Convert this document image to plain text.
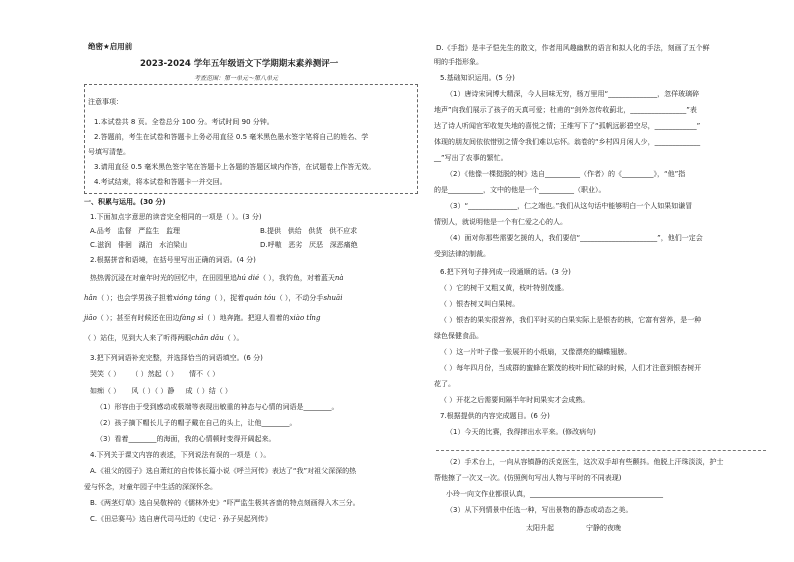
绝密★启用前
2023-2024 学年五年级语文下学期期末素养测评一
考查范围：第一单元～第八单元
注意事项：
1.本试卷共 8 页。全卷总分 100 分。考试时间 90 分钟。
2.答题前，考生在试卷和答题卡上务必用直径 0.5 毫米黑色墨水签字笔将自己的姓名、学
号填写清楚。
3.请用直径 0.5 毫米黑色签字笔在答题卡上各题的答题区域内作答，在试题卷上作答无效。
4.考试结束，将本试卷和答题卡一并交回。
一、积累与运用。(30 分)
1.下面加点字意思的读音完全相同的一项是（ ）。(3 分)
A.品考 监督 严监生 监理	B.提供 供给 供货 供不应求
C.滋润 俳徊 湖泊 水泊梁山	D.呼嗷 恶劣 厌恶 深恶痛绝
2.根据拼音和语境，在括号里写出正确的词语。(4 分)
热热需沉浸在对童年时光的回忆中，在田园里追hú dié（ ），我钓鱼，对着蓝天nà
hǎn（ ）；也会学男孩子担着xióng táng（ ），捉着quán tóu（ ），不动分手shuāi
jiāo（ ）；甚至有时候还在田边fàng sì（ ）地奔跑。把迎人看着的xiào tǐng
（ ）站住，见到大人来了听得两眼chǎn dǎu（ ）。
3.把下列词语补充完整，并选择恰当的词语填空。(6 分)
哭笑（ ） （ ）然起（ ） 情不（ ）
如痴（ ） 风（ ）（ ）静 成（ ）结（ ）
（1）形容由于受到感动或极端等表现出敏重的神态与心情的词语是________。
（2）孩子摘下帽长儿子的帽子戴在自己的头上，让他________。
（3）看着________的海面，我的心情顿时变得开阔起来。
4.下列关于课文内容的表述，下列说法有误的一项是（ ）。
A.《祖父的园子》选自萧红的自传体长篇小说《呼兰河传》表达了“我”对祖父深深的热
爱与怀念，对童年园子中生活的深深怀念。
B.《两茎灯草》选自吴敬梓的《儒林外史》“吓严监生极其吝啬的特点刻画得入木三分。
C.《田忌赛马》选自唐代司马迁的《史记 · 孙子吴起列传》
D.《手指》是丰子恺先生的散文，作者用风趣幽默的语言和拟人化的手法，刻画了五个鲜
明的手指形象。
5.基础知识运用。(5 分)
（1）唐诗宋词博大精深，今人回味无穷，杨万里用“______________，忽佯玻璃碎
地声”向我们展示了孩子的天真可爱；杜甫的“剑外忽传收蓟北，________________”表
达了诗人听闻官军收复失地的喜悦之情；王维写下了“孤帆远影碧空尽，____________”
体现的朋友间依依惜别之情令我们难以忘怀。翁卷的“乡村四月闲人少，_____________
__”写出了农事的繁忙。
（2）《他像一棵挺脱的树》选自__________（作者）的《_________》，“他”指
的是__________，文中的他是一个__________（职业）。
（3）“______________，仁之端也。”我们从这句话中能够明白一个人如果如谦冒
情别人，就说明他是一个有仁爱之心的人。
（4）面对你那些需要乞援的人，我们要信“______________________”，他们一定会
受到法律的制裁。
6.把下列句子排列成一段通顺的话。(3 分)
（ ）它的树干又粗又黄，枝叶特别茂盛。
（ ）银杏树又叫白果树。
（ ）银杏的果实很营养，我们平时买的白果实际上是银杏的核，它富有营养，是一种
绿色保健食品。
（ ）这一片叶子像一张展开的小纸扇，又像漂亮的蝴蝶翅膀。
（ ）每年四月份，当成群的蜜蜂在繁茂的枝叶间忙碌的时候，人们才注意到银杏树开
花了。
（ ）开花之后需要间隔半年时间果实才会成熟。
7.根据提供的内容完成题目。(6 分)
（1）今天的比赛，我得摔出水平来。(修改病句)
（2）手术台上，一向从容镇静的沃克医生，这次双手却有些颤抖。他脱上汗珠淡淡，护士
帮他擦了一次又一次。(仿照例句写出人物与平时的不同表现)
小玲一向文作业都很认真，______________________________________
（3）从下列情景中任选一种，写出景物的静态或动态之美。
太阳升起	宁静的夜晚
